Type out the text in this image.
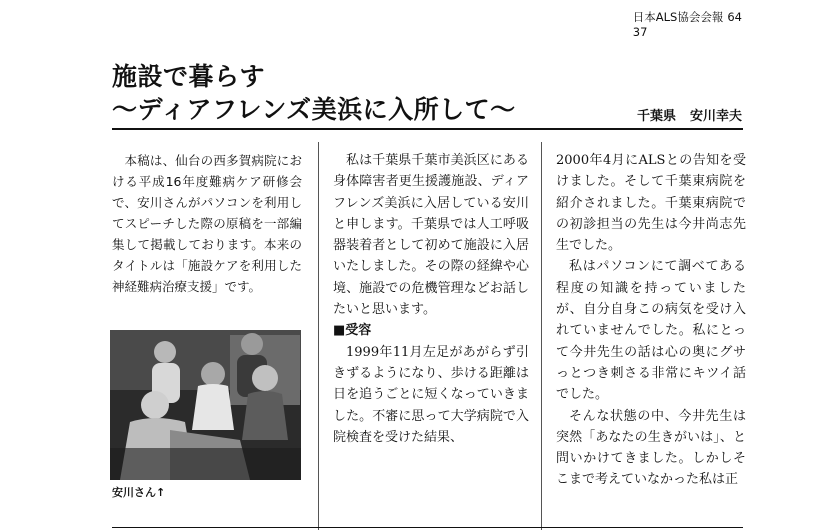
日本ALS協会会報 64
37
施設で暮らす
〜ディアフレンズ美浜に入所して〜	千葉県 安川幸夫

本稿は、仙台の西多賀病院における平成16年度難病ケア研修会で、安川さんがパソコンを利用してスピーチした際の原稿を一部編集して掲載しております。本来のタイトルは「施設ケアを利用した神経難病治療支援」です。

安川さん↑

私は千葉県千葉市美浜区にある身体障害者更生援護施設、ディアフレンズ美浜に入居している安川と申します。千葉県では人工呼吸器装着者として初めて施設に入居いたしました。その際の経緯や心境、施設での危機管理などお話したいと思います。

■受容

1999年11月左足があがらず引きずるようになり、歩ける距離は日を追うごとに短くなっていきました。不審に思って大学病院で入院検査を受けた結果、

2000年4月にALSとの告知を受けました。そして千葉東病院を紹介されました。千葉東病院での初診担当の先生は今井尚志先生でした。

私はパソコンにて調べてある程度の知識を持っていましたが、自分自身この病気を受け入れていませんでした。私にとって今井先生の話は心の奥にグサっとつき刺さる非常にキツイ話でした。

そんな状態の中、今井先生は突然「あなたの生きがいは」、と問いかけてきました。しかしそこまで考えていなかった私は正
